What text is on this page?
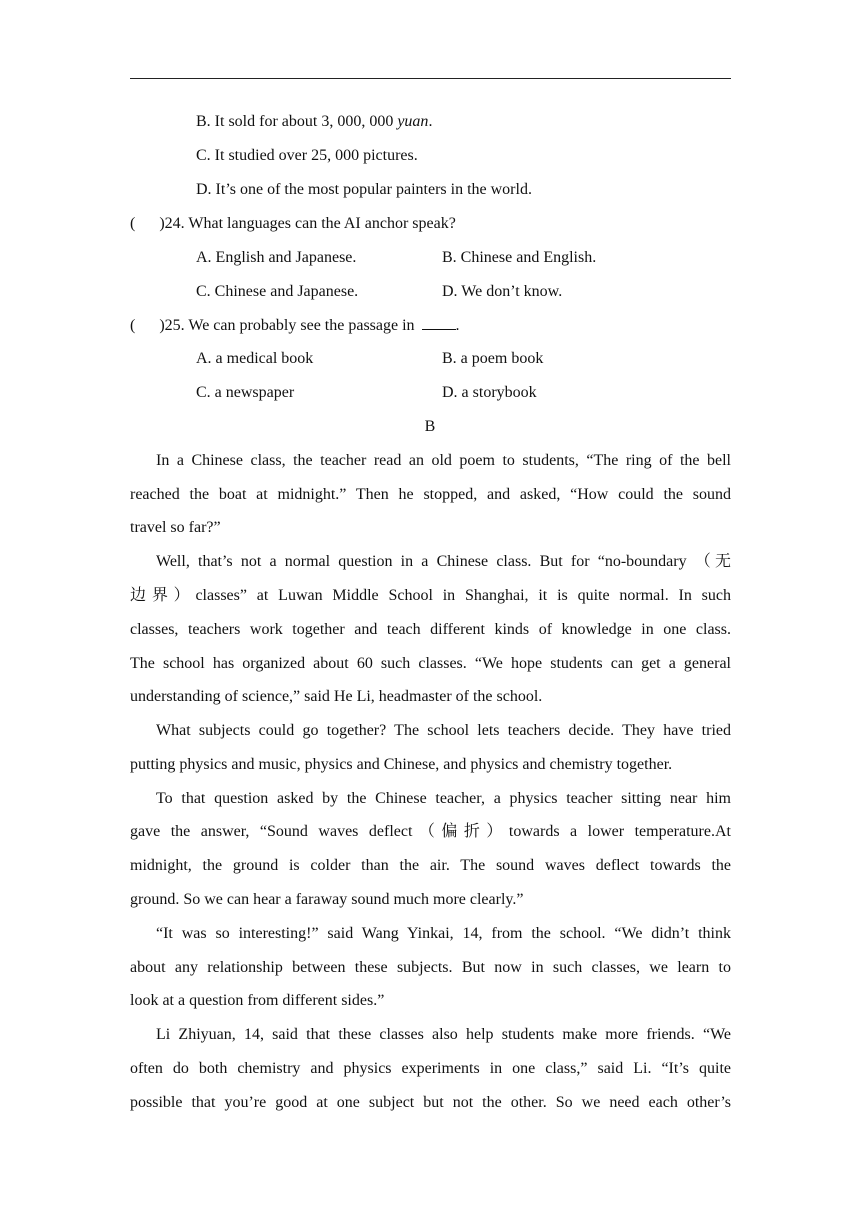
B. It sold for about 3, 000, 000 yuan.
C. It studied over 25, 000 pictures.
D. It’s one of the most popular painters in the world.
(      )24. What languages can the AI anchor speak?
A. English and Japanese.	B. Chinese and English.
C. Chinese and Japanese.	D. We don’t know.
(      )25. We can probably see the passage in .
A. a medical book	B. a poem book
C. a newspaper	D. a storybook
B
In a Chinese class, the teacher read an old poem to students, “The ring of the bell
reached the boat at midnight.” Then he stopped, and asked, “How could the sound
travel so far?”
Well, that’s not a normal question in a Chinese class. But for “no-boundary （无
边界）classes” at Luwan Middle School in Shanghai, it is quite normal. In such
classes, teachers work together and teach different kinds of knowledge in one class.
The school has organized about 60 such classes. “We hope students can get a general
understanding of science,” said He Li, headmaster of the school.
What subjects could go together? The school lets teachers decide. They have tried
putting physics and music, physics and Chinese, and physics and chemistry together.
To that question asked by the Chinese teacher, a physics teacher sitting near him
gave the answer, “Sound waves deflect（偏折）towards a lower temperature.At
midnight, the ground is colder than the air. The sound waves deflect towards the
ground. So we can hear a faraway sound much more clearly.”
“It was so interesting!” said Wang Yinkai, 14, from the school. “We didn’t think
about any relationship between these subjects. But now in such classes, we learn to
look at a question from different sides.”
Li Zhiyuan, 14, said that these classes also help students make more friends. “We
often do both chemistry and physics experiments in one class,” said Li. “It’s quite
possible that you’re good at one subject but not the other. So we need each other’s
